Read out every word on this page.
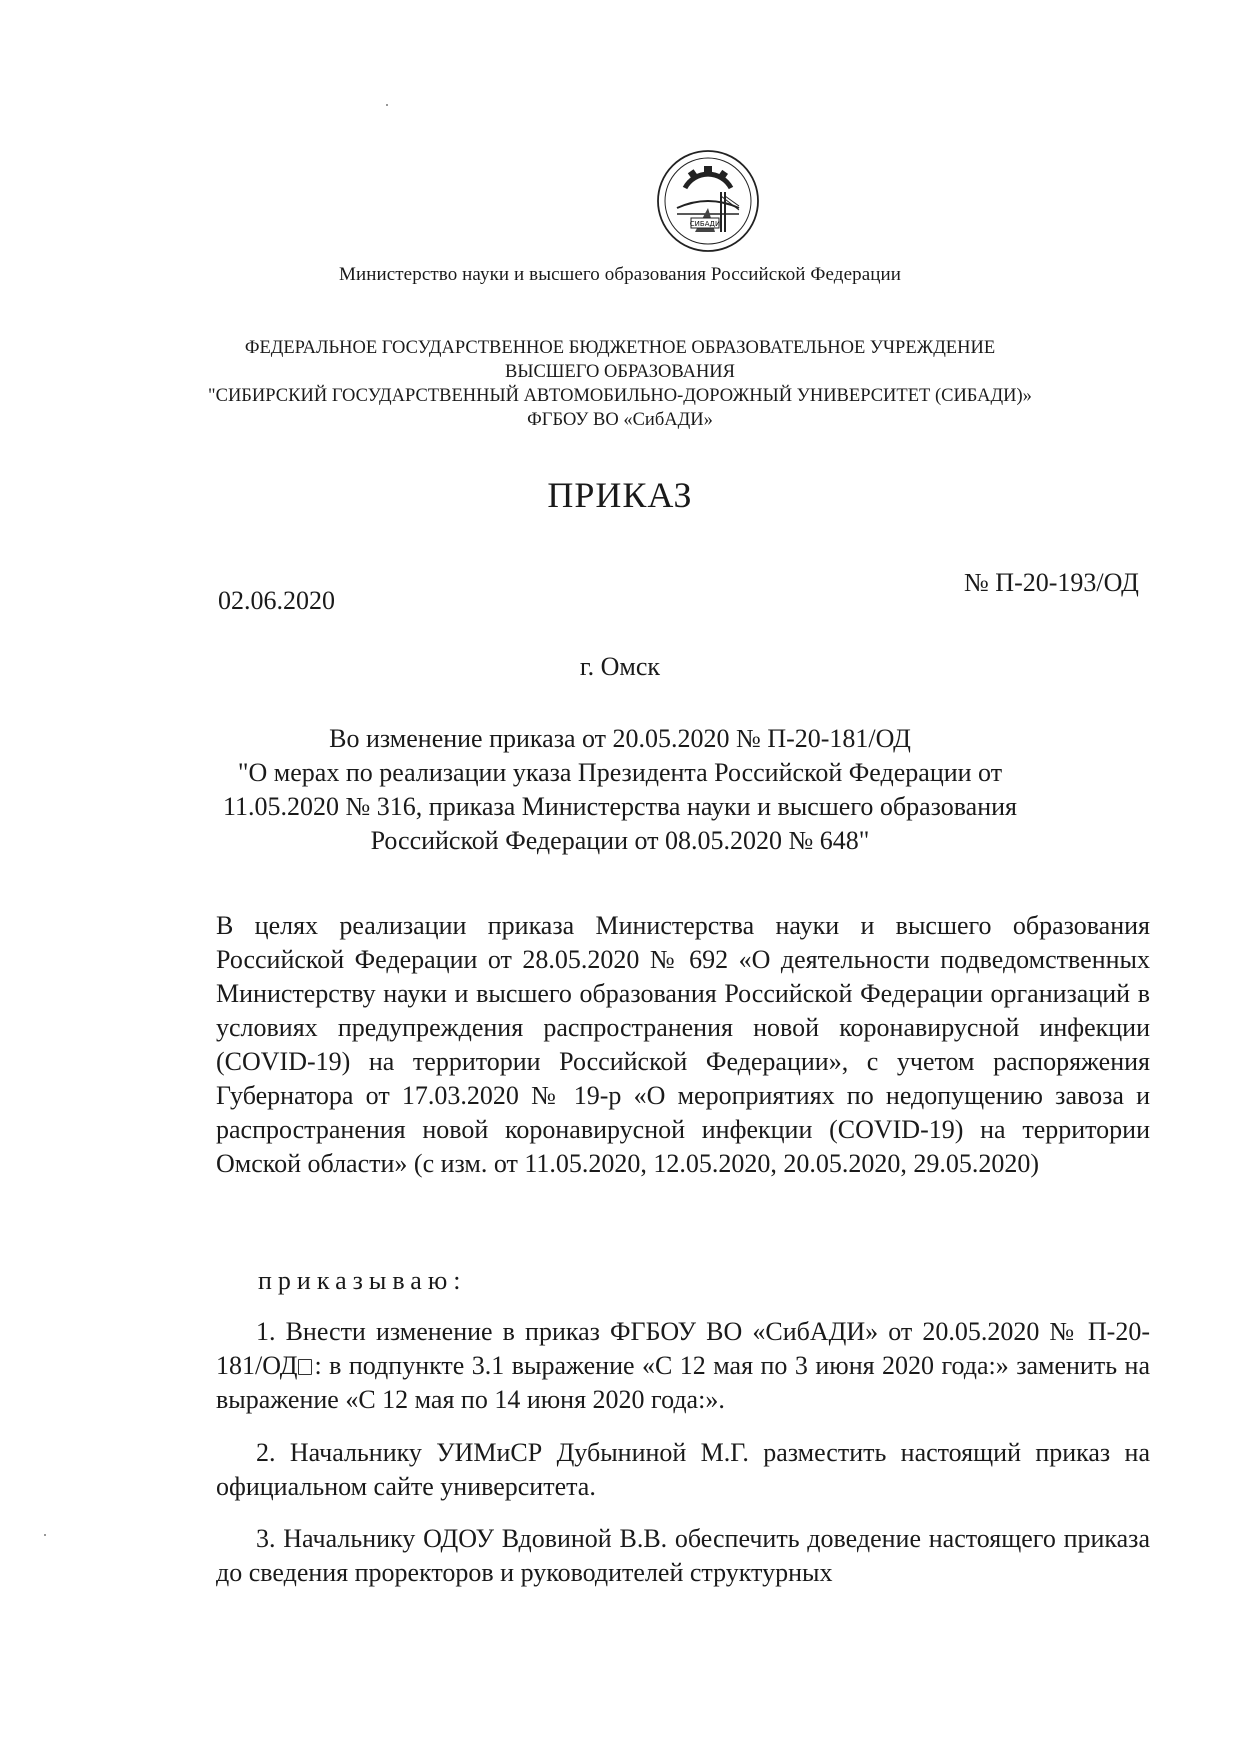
СИБАДИ
Министерство науки и высшего образования Российской Федерации
ФЕДЕРАЛЬНОЕ ГОСУДАРСТВЕННОЕ БЮДЖЕТНОЕ ОБРАЗОВАТЕЛЬНОЕ УЧРЕЖДЕНИЕ
ВЫСШЕГО ОБРАЗОВАНИЯ
"СИБИРСКИЙ ГОСУДАРСТВЕННЫЙ АВТОМОБИЛЬНО-ДОРОЖНЫЙ УНИВЕРСИТЕТ (СИБАДИ)»
ФГБОУ ВО «СибАДИ»
ПРИКАЗ
02.06.2020
№ П-20-193/ОД
г. Омск
Во изменение приказа от 20.05.2020 № П-20-181/ОД
"О мерах по реализации указа Президента Российской Федерации от
11.05.2020 № 316, приказа Министерства науки и высшего образования
Российской Федерации от 08.05.2020 № 648"
В целях реализации приказа Министерства науки и высшего образования Российской Федерации от 28.05.2020 № 692 «О деятельности подведомственных Министерству науки и высшего образования Российской Федерации организаций в условиях предупреждения распространения новой коронавирусной инфекции (COVID-19) на территории Российской Федерации», с учетом распоряжения Губернатора от 17.03.2020 № 19-р «О мероприятиях по недопущению завоза и распространения новой коронавирусной инфекции (COVID-19) на территории Омской области» (с изм. от 11.05.2020, 12.05.2020, 20.05.2020, 29.05.2020)
приказываю:
1. Внести изменение в приказ ФГБОУ ВО «СибАДИ» от 20.05.2020 № П-20-181/ОД : в подпункте 3.1 выражение «С 12 мая по 3 июня 2020 года:» заменить на выражение «С 12 мая по 14 июня 2020 года:».
2. Начальнику УИМиСР Дубыниной М.Г. разместить настоящий приказ на официальном сайте университета.
3. Начальнику ОДОУ Вдовиной В.В. обеспечить доведение настоящего приказа до сведения проректоров и руководителей структурных
